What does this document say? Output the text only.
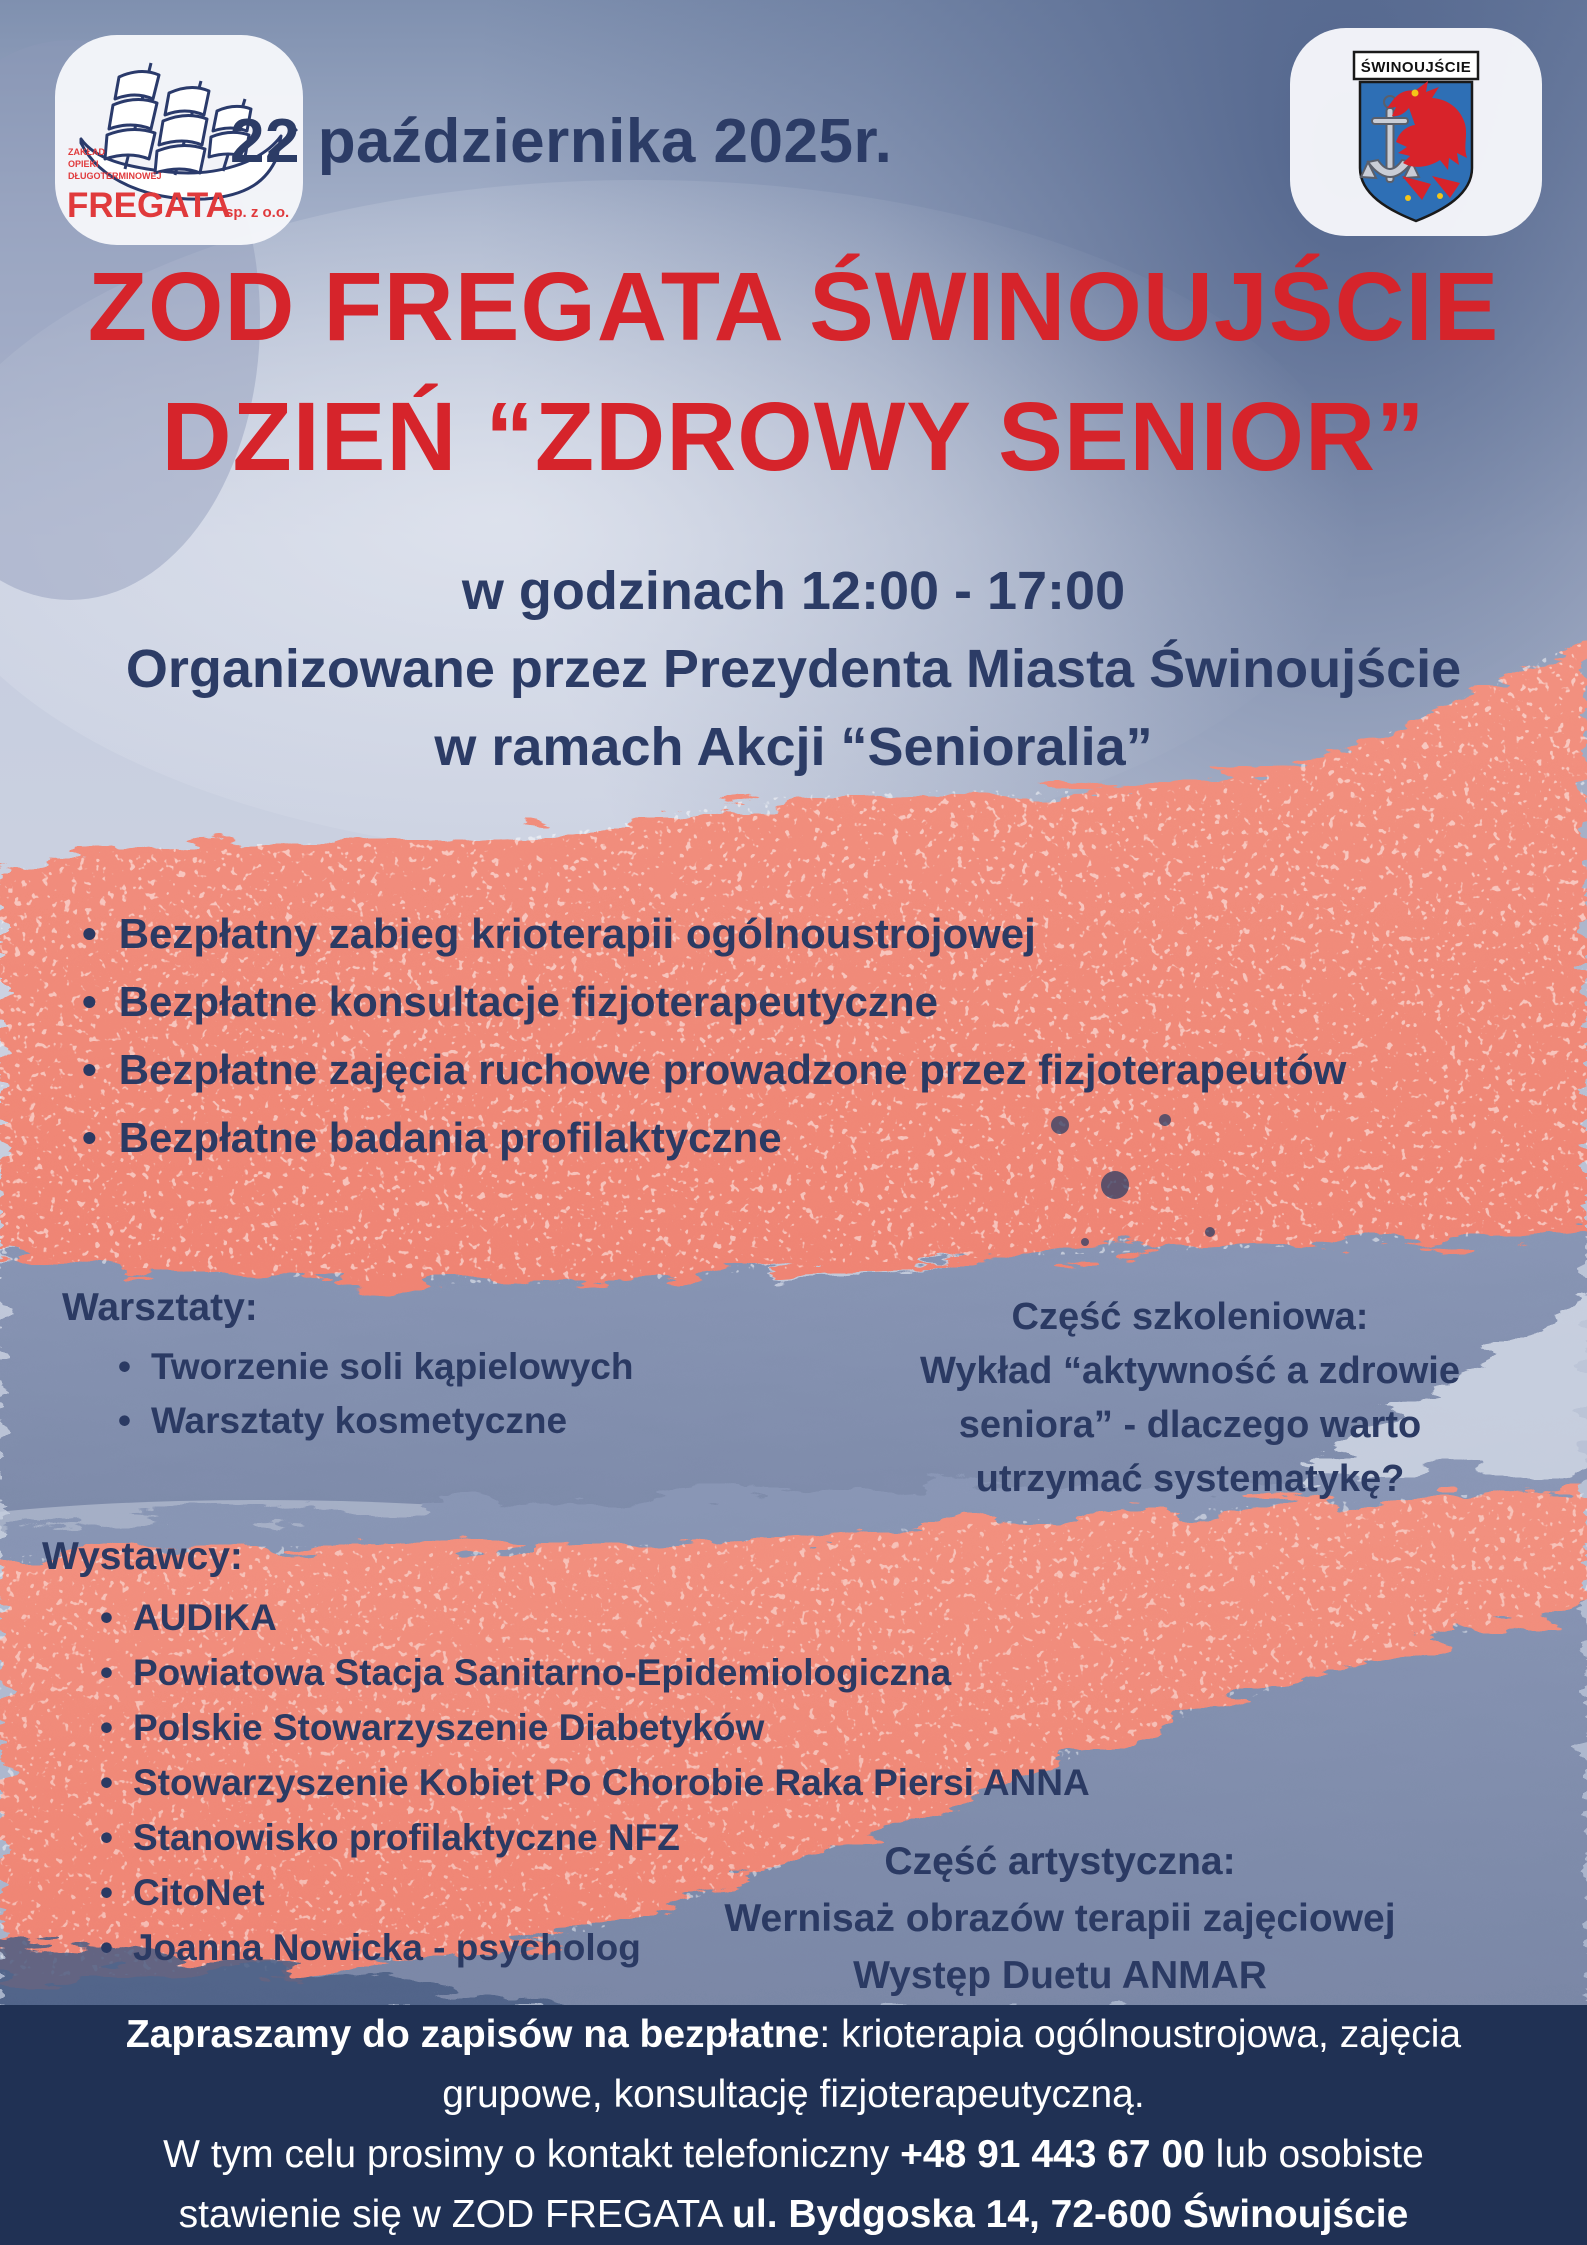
ZAKŁAD
OPIEKI
DŁUGOTERMINOWEJ
FREGATA
sp. z o.o.
ŚWINOUJŚCIE
22 października 2025r.
ZOD FREGATA ŚWINOUJŚCIE
DZIEŃ “ZDROWY SENIOR”
w godzinach 12:00 - 17:00
Organizowane przez Prezydenta Miasta Świnoujście
w ramach Akcji “Senioralia”
• Bezpłatny zabieg krioterapii ogólnoustrojowej
• Bezpłatne konsultacje fizjoterapeutyczne
• Bezpłatne zajęcia ruchowe prowadzone przez fizjoterapeutów
• Bezpłatne badania profilaktyczne
Warsztaty:
• Tworzenie soli kąpielowych
• Warsztaty kosmetyczne
Część szkoleniowa:
Wykład “aktywność a zdrowie
seniora” - dlaczego warto
utrzymać systematykę?
Wystawcy:
• AUDIKA
• Powiatowa Stacja Sanitarno-Epidemiologiczna
• Polskie Stowarzyszenie Diabetyków
• Stowarzyszenie Kobiet Po Chorobie Raka Piersi ANNA
• Stanowisko profilaktyczne NFZ
• CitoNet
• Joanna Nowicka - psycholog
Część artystyczna:
Wernisaż obrazów terapii zajęciowej
Występ Duetu ANMAR

Zapraszamy do zapisów na bezpłatne: krioterapia ogólnoustrojowa, zajęcia

grupowe, konsultację fizjoterapeutyczną.

W tym celu prosimy o kontakt telefoniczny +48 91 443 67 00 lub osobiste

stawienie się w ZOD FREGATA ul. Bydgoska 14, 72-600 Świnoujście
